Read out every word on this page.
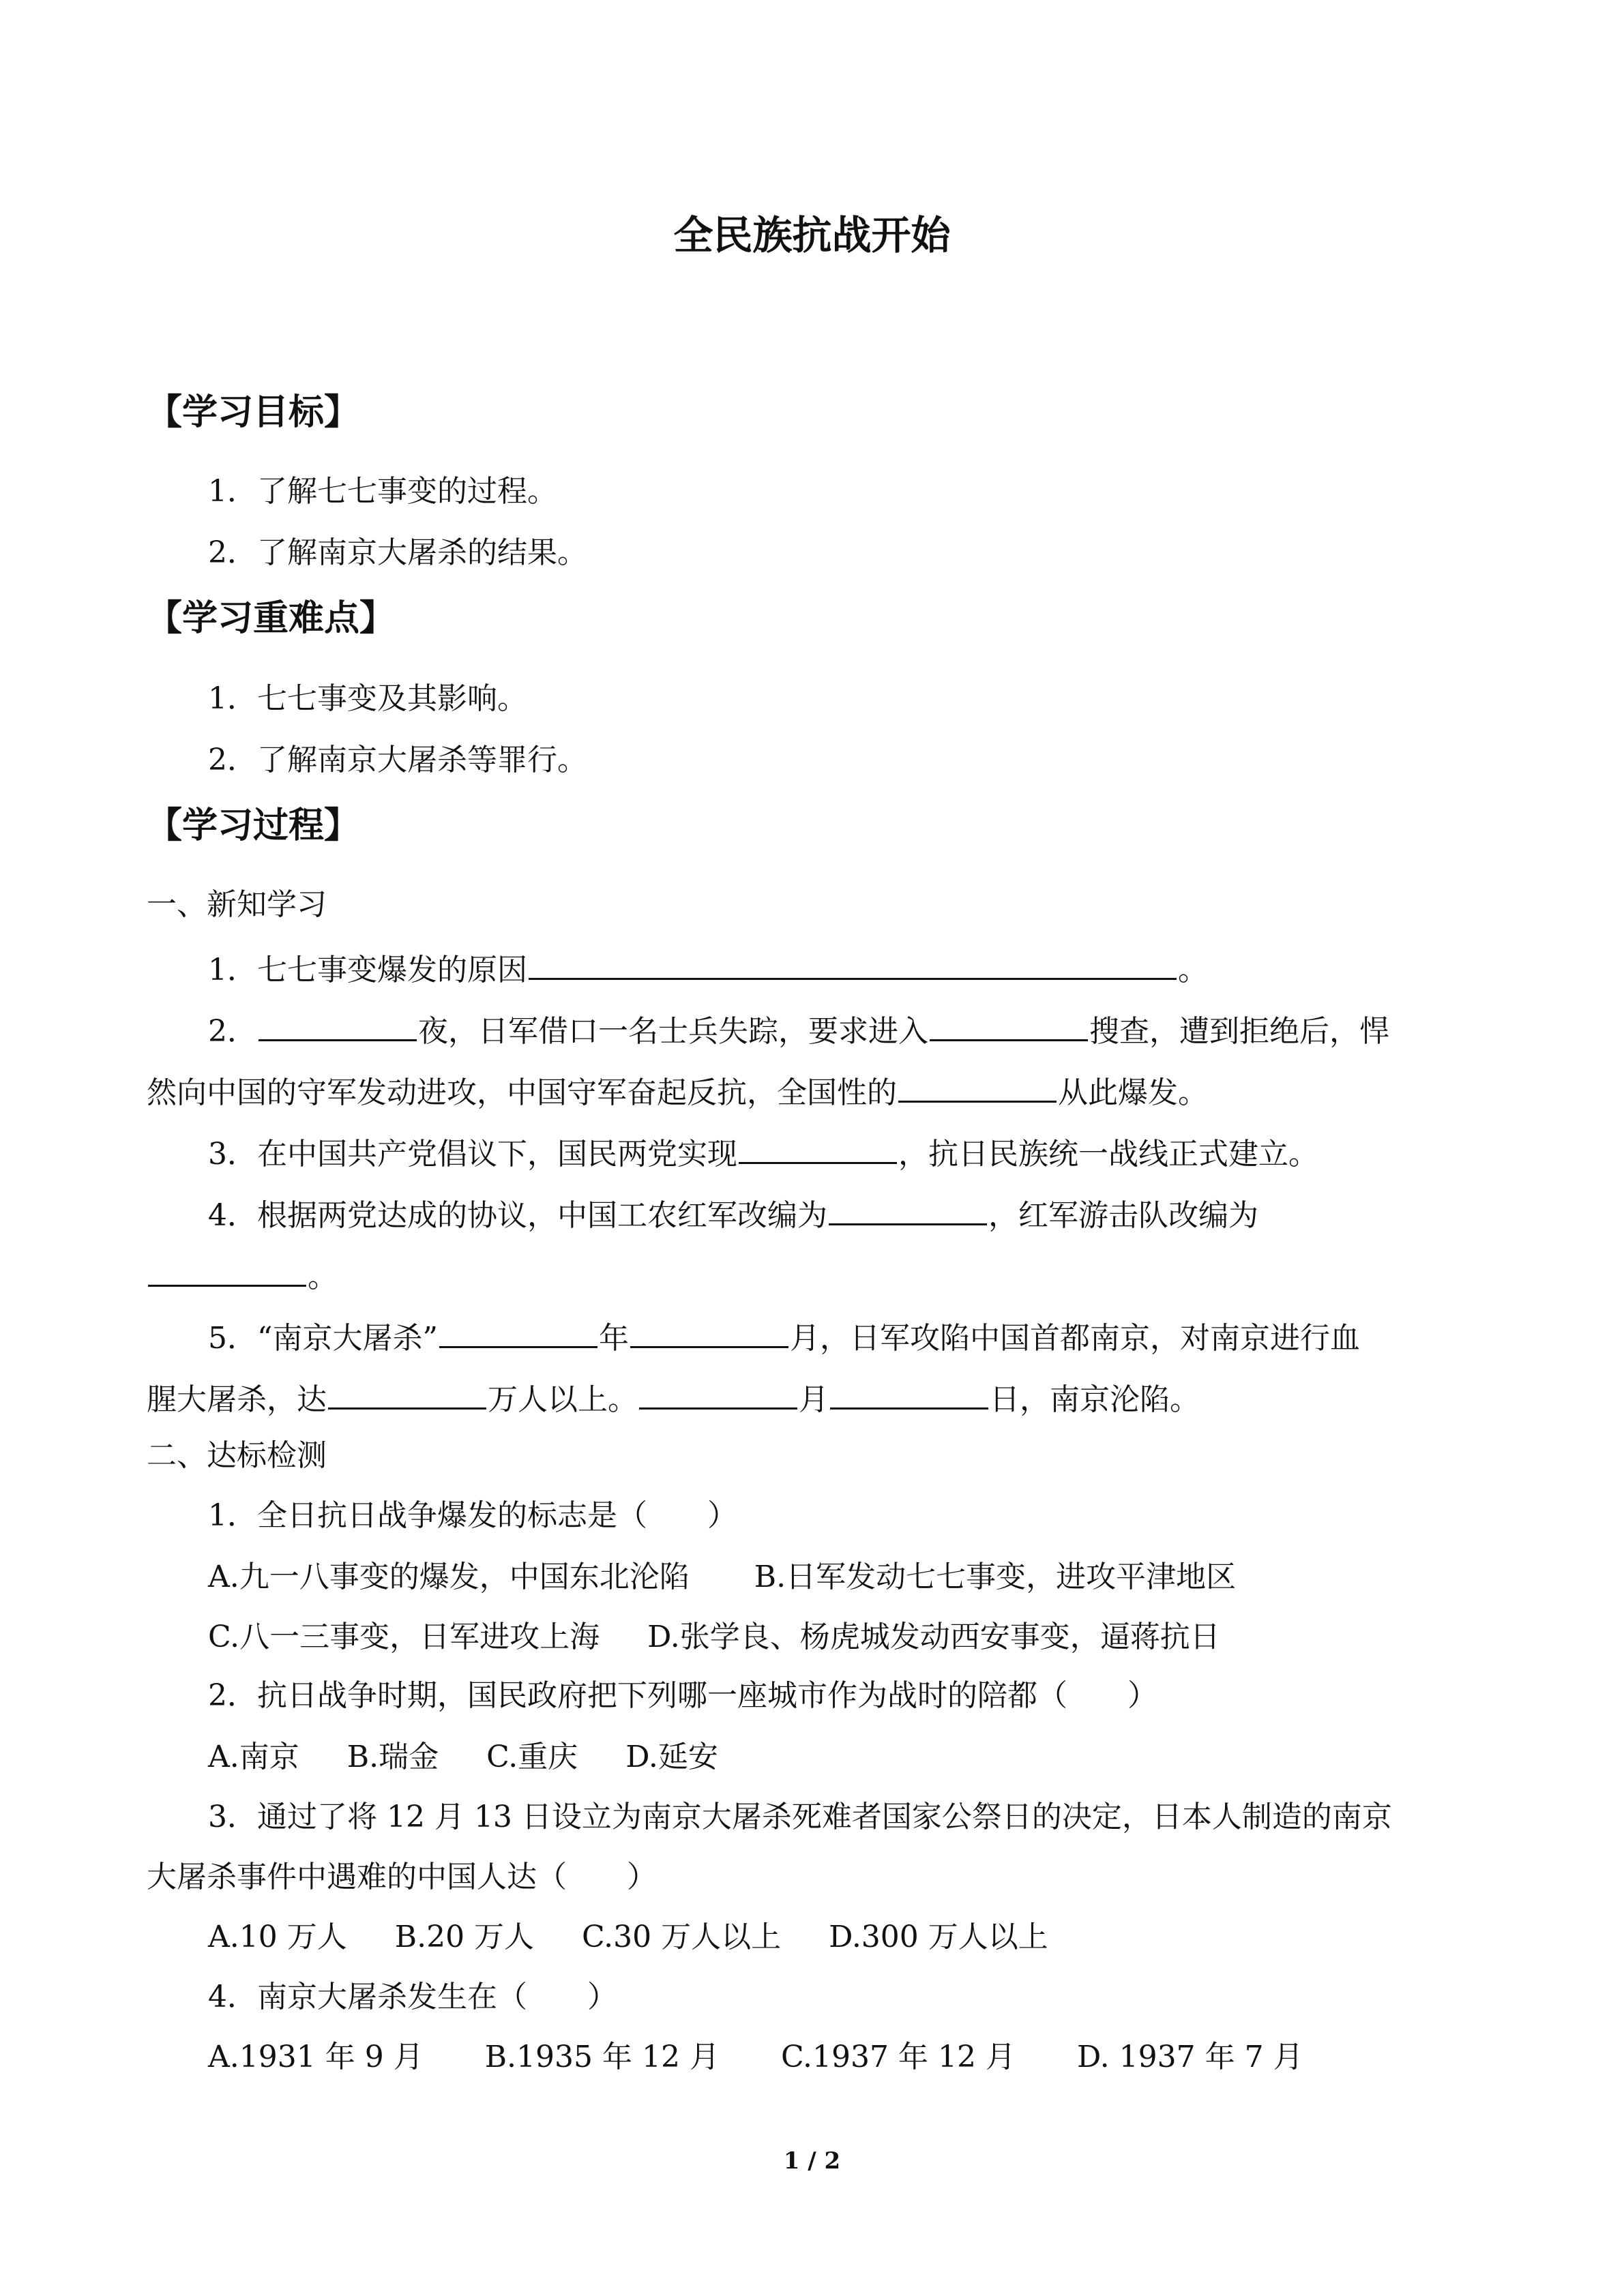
全民族抗战开始
【学习目标】
1．了解七七事变的过程。
2．了解南京大屠杀的结果。
【学习重难点】
1．七七事变及其影响。
2．了解南京大屠杀等罪行。
【学习过程】
一、新知学习
1．七七事变爆发的原因	。
2．	夜，日军借口一名士兵失踪，要求进入	搜查，遭到拒绝后，悍
然向中国的守军发动进攻，中国守军奋起反抗，全国性的	从此爆发。
3．在中国共产党倡议下，国民两党实现	，抗日民族统一战线正式建立。
4．根据两党达成的协议，中国工农红军改编为	，红军游击队改编为
。
5．“南京大屠杀”	年	月，日军攻陷中国首都南京，对南京进行血
腥大屠杀，达	万人以上。	月	日，南京沦陷。
二、达标检测
1．全日抗日战争爆发的标志是（　　）
A.九一八事变的爆发，中国东北沦陷 B.日军发动七七事变，进攻平津地区
C.八一三事变，日军进攻上海 D.张学良、杨虎城发动西安事变，逼蒋抗日
2．抗日战争时期，国民政府把下列哪一座城市作为战时的陪都（　　）
A.南京 B.瑞金 C.重庆 D.延安
3．通过了将 12 月 13 日设立为南京大屠杀死难者国家公祭日的决定，日本人制造的南京
大屠杀事件中遇难的中国人达（　　）
A.10 万人 B.20 万人 C.30 万人以上 D.300 万人以上
4．南京大屠杀发生在（　　）
A.1931 年 9 月 B.1935 年 12 月 C.1937 年 12 月 D. 1937 年 7 月
1 / 2
